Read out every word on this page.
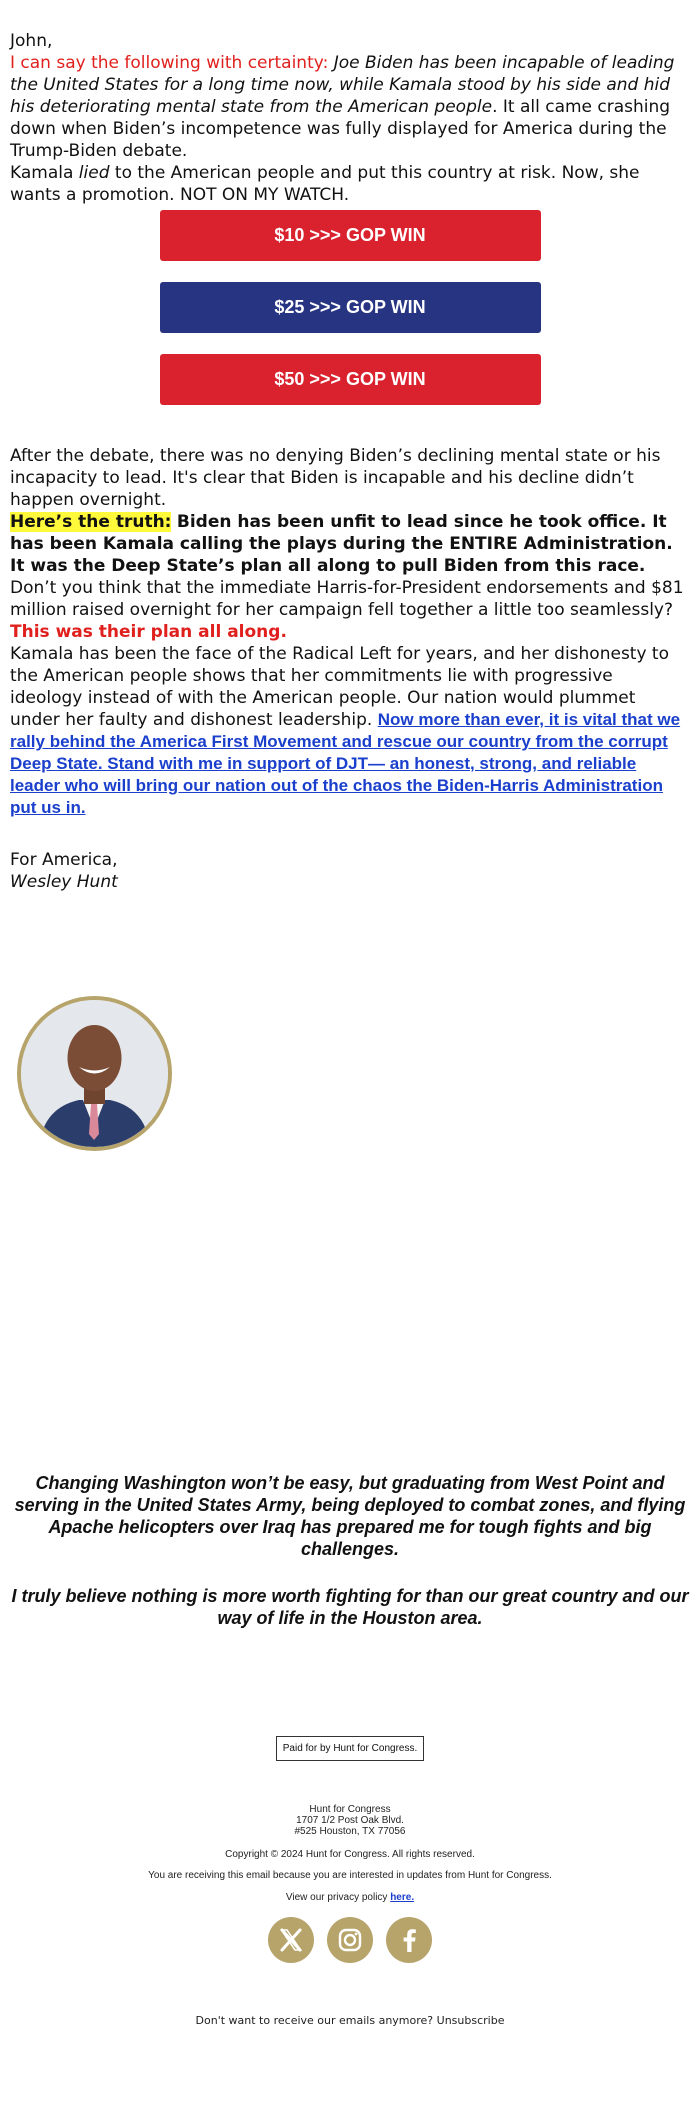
John,

I can say the following with certainty: Joe Biden has been incapable of leading the United States for a long time now, while Kamala stood by his side and hid his deteriorating mental state from the American people. It all came crashing down when Biden’s incompetence was fully displayed for America during the Trump-Biden debate.

Kamala lied to the American people and put this country at risk. Now, she wants a promotion. NOT ON MY WATCH.

$10 >>> GOP WIN
$25 >>> GOP WIN
$50 >>> GOP WIN

After the debate, there was no denying Biden’s declining mental state or his incapacity to lead. It's clear that Biden is incapable and his decline didn’t happen overnight.

Here’s the truth: Biden has been unfit to lead since he took office. It has been Kamala calling the plays during the ENTIRE Administration. It was the Deep State’s plan all along to pull Biden from this race.

Don’t you think that the immediate Harris-for-President endorsements and $81 million raised overnight for her campaign fell together a little too seamlessly?

This was their plan all along.

Kamala has been the face of the Radical Left for years, and her dishonesty to the American people shows that her commitments lie with progressive ideology instead of with the American people. Our nation would plummet under her faulty and dishonest leadership. Now more than ever, it is vital that we rally behind the America First Movement and rescue our country from the corrupt Deep State. Stand with me in support of DJT— an honest, strong, and reliable leader who will bring our nation out of the chaos the Biden-Harris Administration put us in.

For America,
Wesley Hunt
Changing Washington won’t be easy, but graduating from West Point and serving in the United States Army, being deployed to combat zones, and flying Apache helicopters over Iraq has prepared me for tough fights and big challenges.
I truly believe nothing is more worth fighting for than our great country and our way of life in the Houston area.
Paid for by Hunt for Congress.
Hunt for Congress
1707 1/2 Post Oak Blvd.
#525 Houston, TX 77056
Copyright © 2024 Hunt for Congress. All rights reserved.
You are receiving this email because you are interested in updates from Hunt for Congress.
View our privacy policy here.
Don't want to receive our emails anymore? Unsubscribe
